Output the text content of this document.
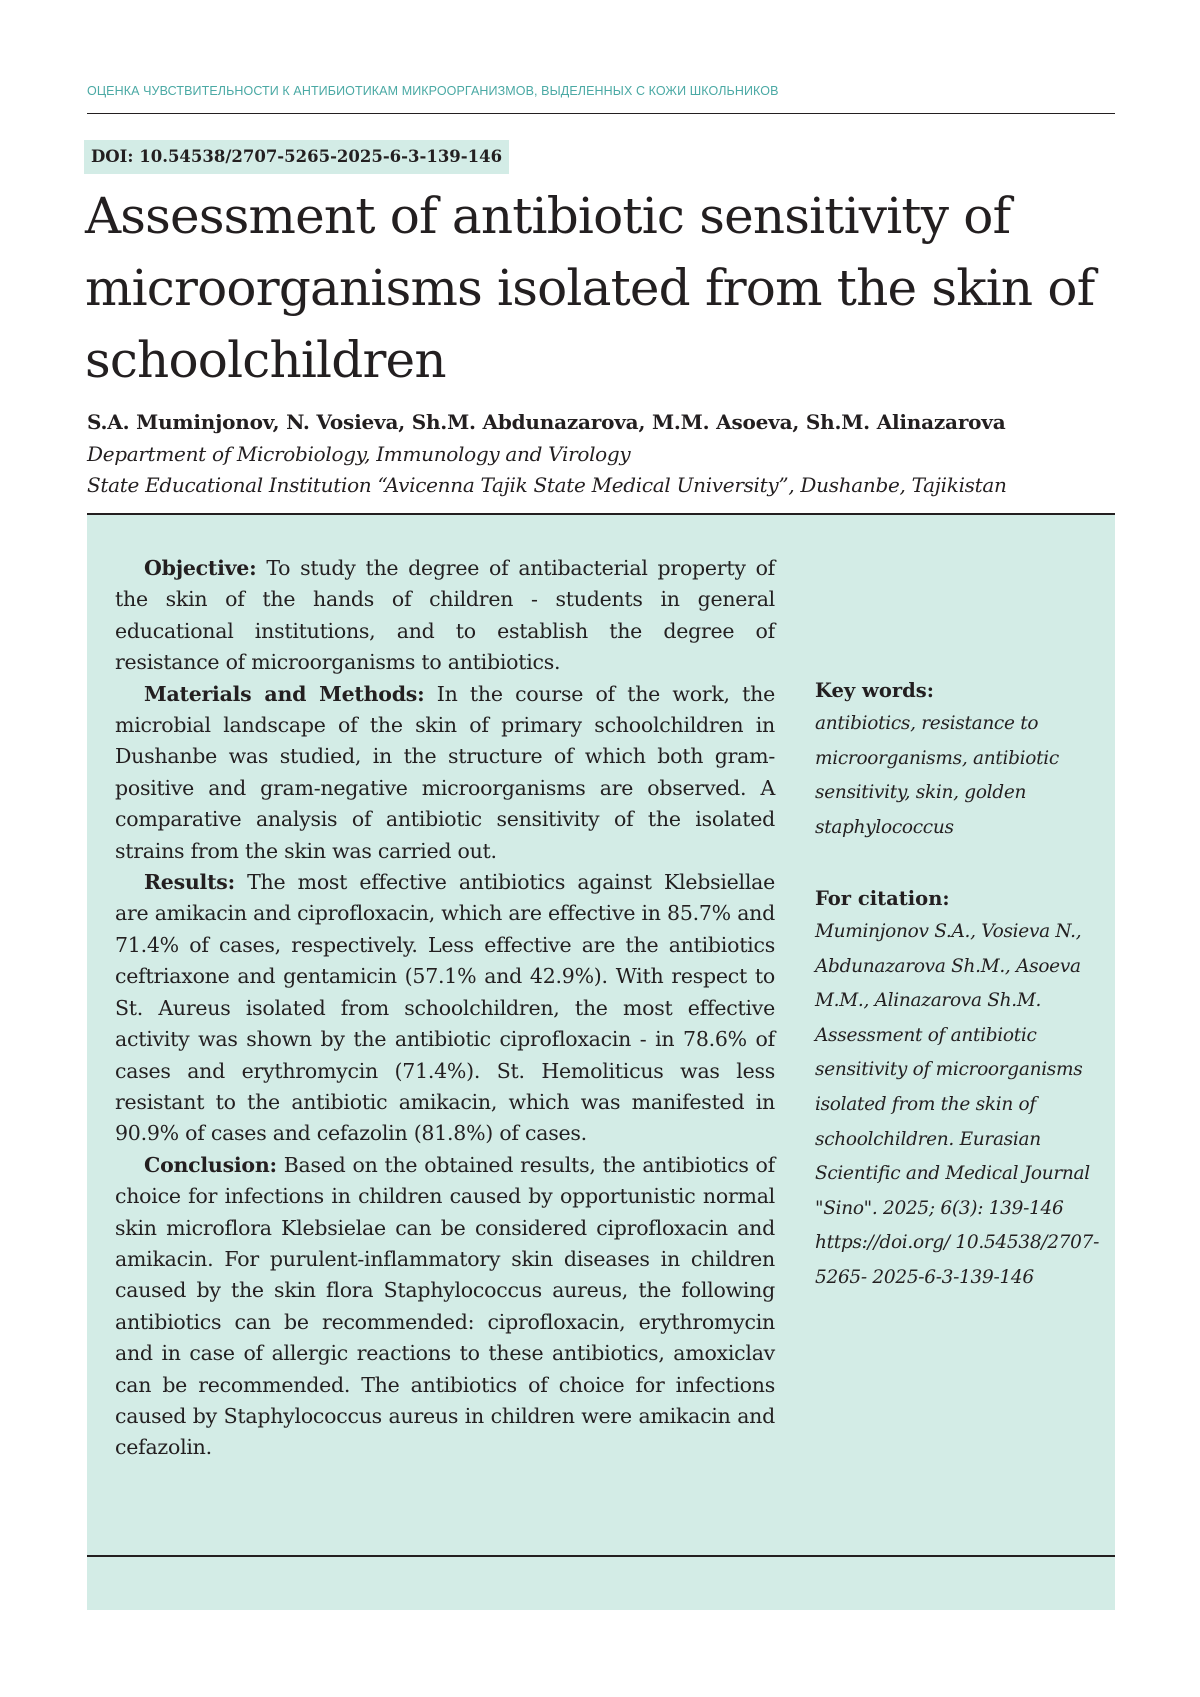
ОЦЕНКА ЧУВСТВИТЕЛЬНОСТИ К АНТИБИОТИКАМ МИКРООРГАНИЗМОВ, ВЫДЕЛЕННЫХ С КОЖИ ШКОЛЬНИКОВ
DOI: 10.54538/2707-5265-2025-6-3-139-146
Assessment of antibiotic sensitivity of microorganisms isolated from the skin of schoolchildren
S.A. Muminjonov, N. Vosieva, Sh.M. Abdunazarova, M.M. Asoeva, Sh.M. Alinazarova
Department of Microbiology, Immunology and Virology
State Educational Institution “Avicenna Tajik State Medical University”, Dushanbe, Tajikistan

Objective: To study the degree of antibacterial property of the skin of the hands of children - students in general educational institutions, and to establish the degree of resistance of microorganisms to antibiotics.

Materials and Methods: In the course of the work, the microbial landscape of the skin of primary schoolchildren in Dushanbe was studied, in the structure of which both gram-positive and gram-negative microorganisms are observed. A comparative analysis of antibiotic sensitivity of the isolated strains from the skin was carried out.

Results: The most effective antibiotics against Klebsiellae are amikacin and ciprofloxacin, which are effective in 85.7% and 71.4% of cases, respectively. Less effective are the antibiotics ceftriaxone and gentamicin (57.1% and 42.9%). With respect to St. Aureus isolated from schoolchildren, the most effective activity was shown by the antibiotic ciprofloxacin - in 78.6% of cases and erythromycin (71.4%). St. Hemoliticus was less resistant to the antibiotic amikacin, which was manifested in 90.9% of cases and cefazolin (81.8%) of cases.

Conclusion: Based on the obtained results, the antibiotics of choice for infections in children caused by opportunistic normal skin microflora Klebsielae can be considered ciprofloxacin and amikacin. For purulent-inflammatory skin diseases in children caused by the skin flora Staphylococcus aureus, the following antibiotics can be recommended: ciprofloxacin, erythromycin and in case of allergic reactions to these antibiotics, amoxiclav can be recommended. The antibiotics of choice for infections caused by Staphylococcus aureus in children were amikacin and cefazolin.

Key words:
antibiotics, resistance to microorganisms, antibiotic sensitivity, skin, golden staphylococcus
For citation:
Muminjonov S.A., Vosieva N., Abdunazarova Sh.M., Asoeva M.M., Alinazarova Sh.M. Assessment of antibiotic sensitivity of microorganisms isolated from the skin of schoolchildren. Eurasian Scientific and Medical Journal "Sino". 2025; 6(3): 139-146 https://doi.org/ 10.54538/2707-5265- 2025-6-3-139-146
